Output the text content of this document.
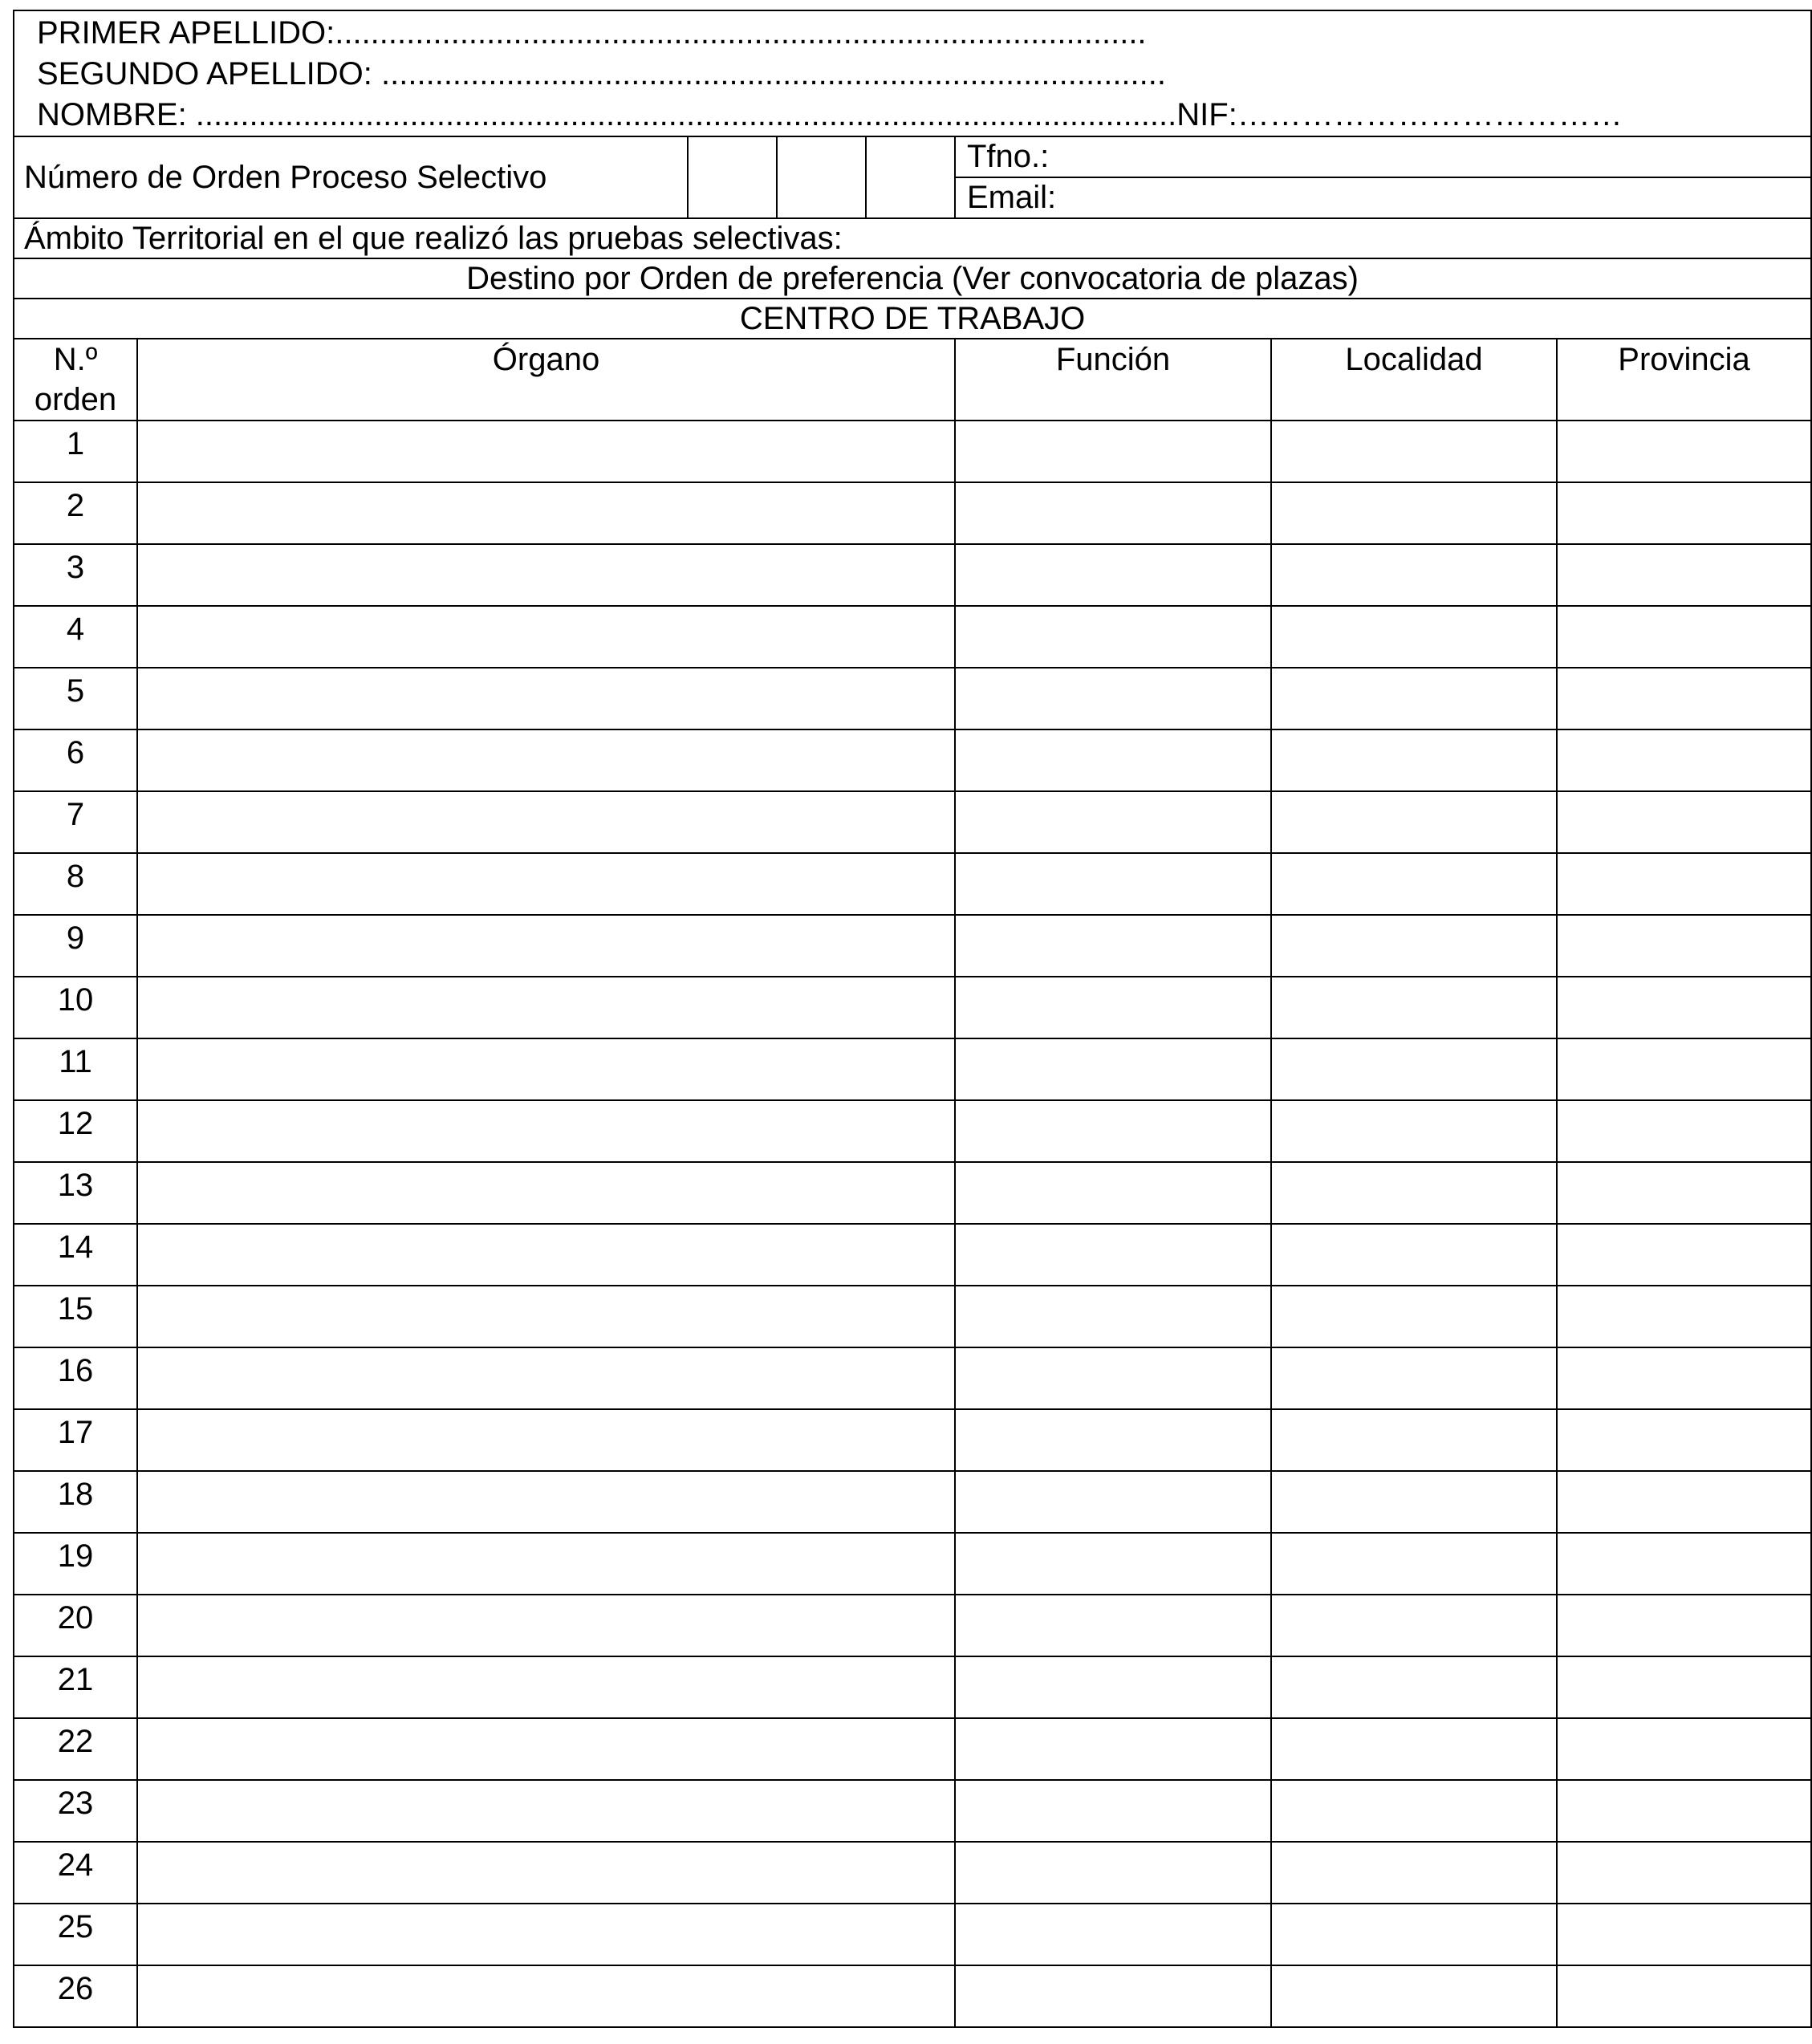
PRIMER APELLIDO:...........................................................................................
SEGUNDO APELLIDO: ........................................................................................
NOMBRE: ..............................................................................................................NIF:………………………………

Número de Orden Proceso Selectivo				
Tfno.:
Email:

Ámbito Territorial en el que realizó las pruebas selectivas:
Destino por Orden de preferencia (Ver convocatoria de plazas)
CENTRO DE TRABAJO
N.º orden	Órgano	Función	Localidad	Provincia
1				
2				
3				
4				
5				
6				
7				
8				
9				
10				
11				
12				
13				
14				
15				
16				
17				
18				
19				
20				
21				
22				
23				
24				
25				
26				
